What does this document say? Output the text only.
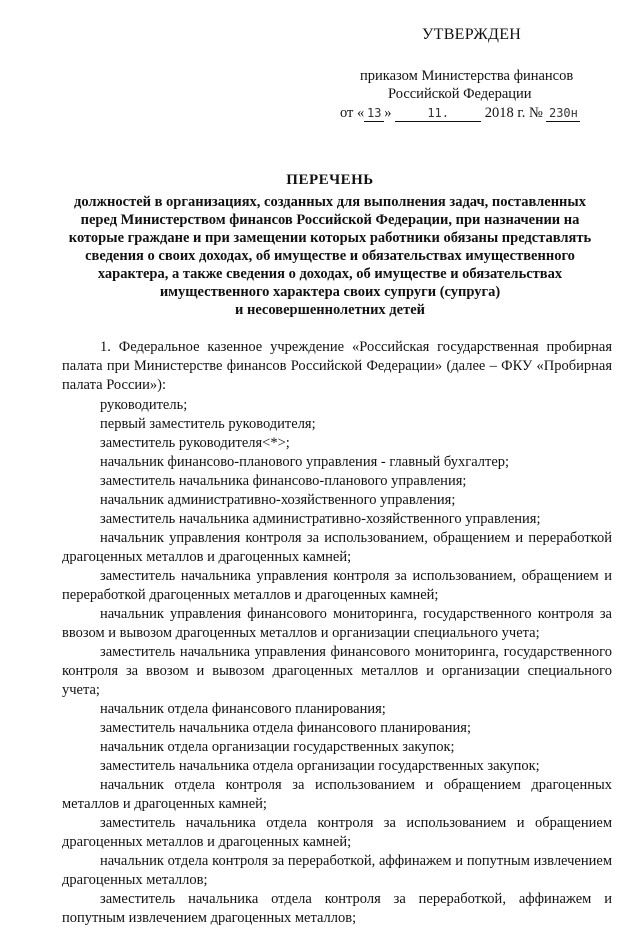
УТВЕРЖДЕН
приказом Министерства финансов
Российской Федерации
от « 13 »	11. 2018 г. № 230н
ПЕРЕЧЕНЬ
должностей в организациях, созданных для выполнения задач, поставленных
перед Министерством финансов Российской Федерации, при назначении на
которые граждане и при замещении которых работники обязаны представлять
сведения о своих доходах, об имуществе и обязательствах имущественного
характера, а также сведения о доходах, об имуществе и обязательствах
имущественного характера своих супруги (супруга)
и несовершеннолетних детей

1. Федеральное казенное учреждение «Российская государственная пробирная палата при Министерстве финансов Российской Федерации» (далее – ФКУ «Пробирная палата России»):

руководитель;

первый заместитель руководителя;

заместитель руководителя<*>;

начальник финансово-планового управления - главный бухгалтер;

заместитель начальника финансово-планового управления;

начальник административно-хозяйственного управления;

заместитель начальника административно-хозяйственного управления;

начальник управления контроля за использованием, обращением и переработкой драгоценных металлов и драгоценных камней;

заместитель начальника управления контроля за использованием, обращением и переработкой драгоценных металлов и драгоценных камней;

начальник управления финансового мониторинга, государственного контроля за ввозом и вывозом драгоценных металлов и организации специального учета;

заместитель начальника управления финансового мониторинга, государственного контроля за ввозом и вывозом драгоценных металлов и организации специального учета;

начальник отдела финансового планирования;

заместитель начальника отдела финансового планирования;

начальник отдела организации государственных закупок;

заместитель начальника отдела организации государственных закупок;

начальник отдела контроля за использованием и обращением драгоценных металлов и драгоценных камней;

заместитель начальника отдела контроля за использованием и обращением драгоценных металлов и драгоценных камней;

начальник отдела контроля за переработкой, аффинажем и попутным извлечением драгоценных металлов;

заместитель начальника отдела контроля за переработкой, аффинажем и попутным извлечением драгоценных металлов;
